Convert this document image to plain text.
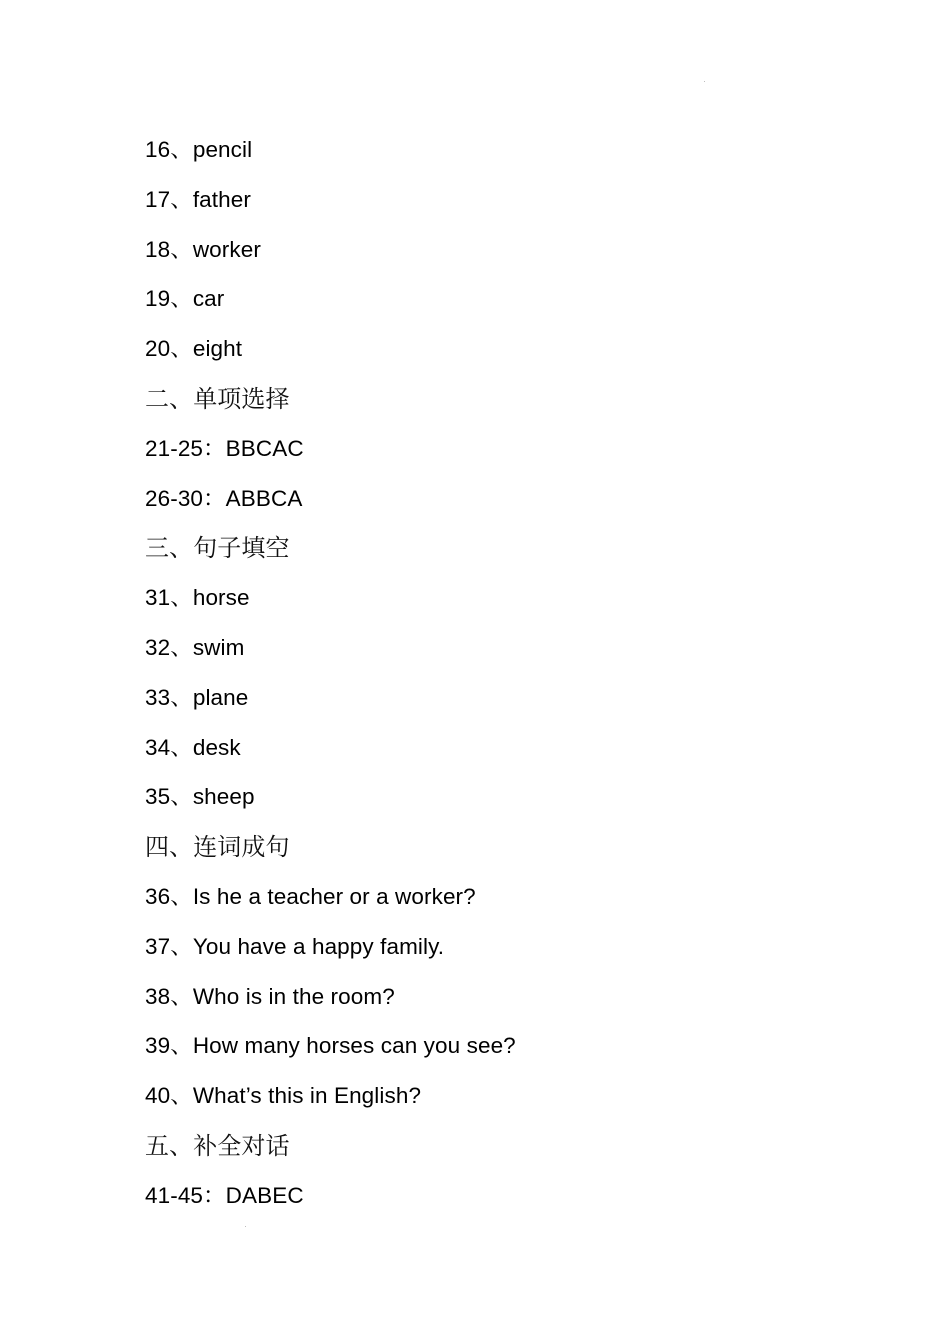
16、pencil
17、father
18、worker
19、car
20、eight
二、单项选择
21-25：BBCAC
26-30：ABBCA
三、句子填空
31、horse
32、swim
33、plane
34、desk
35、sheep
四、连词成句
36、Is he a teacher or a worker?
37、You have a happy family.
38、Who is in the room?
39、How many horses can you see?
40、What’s this in English?
五、补全对话
41-45：DABEC
